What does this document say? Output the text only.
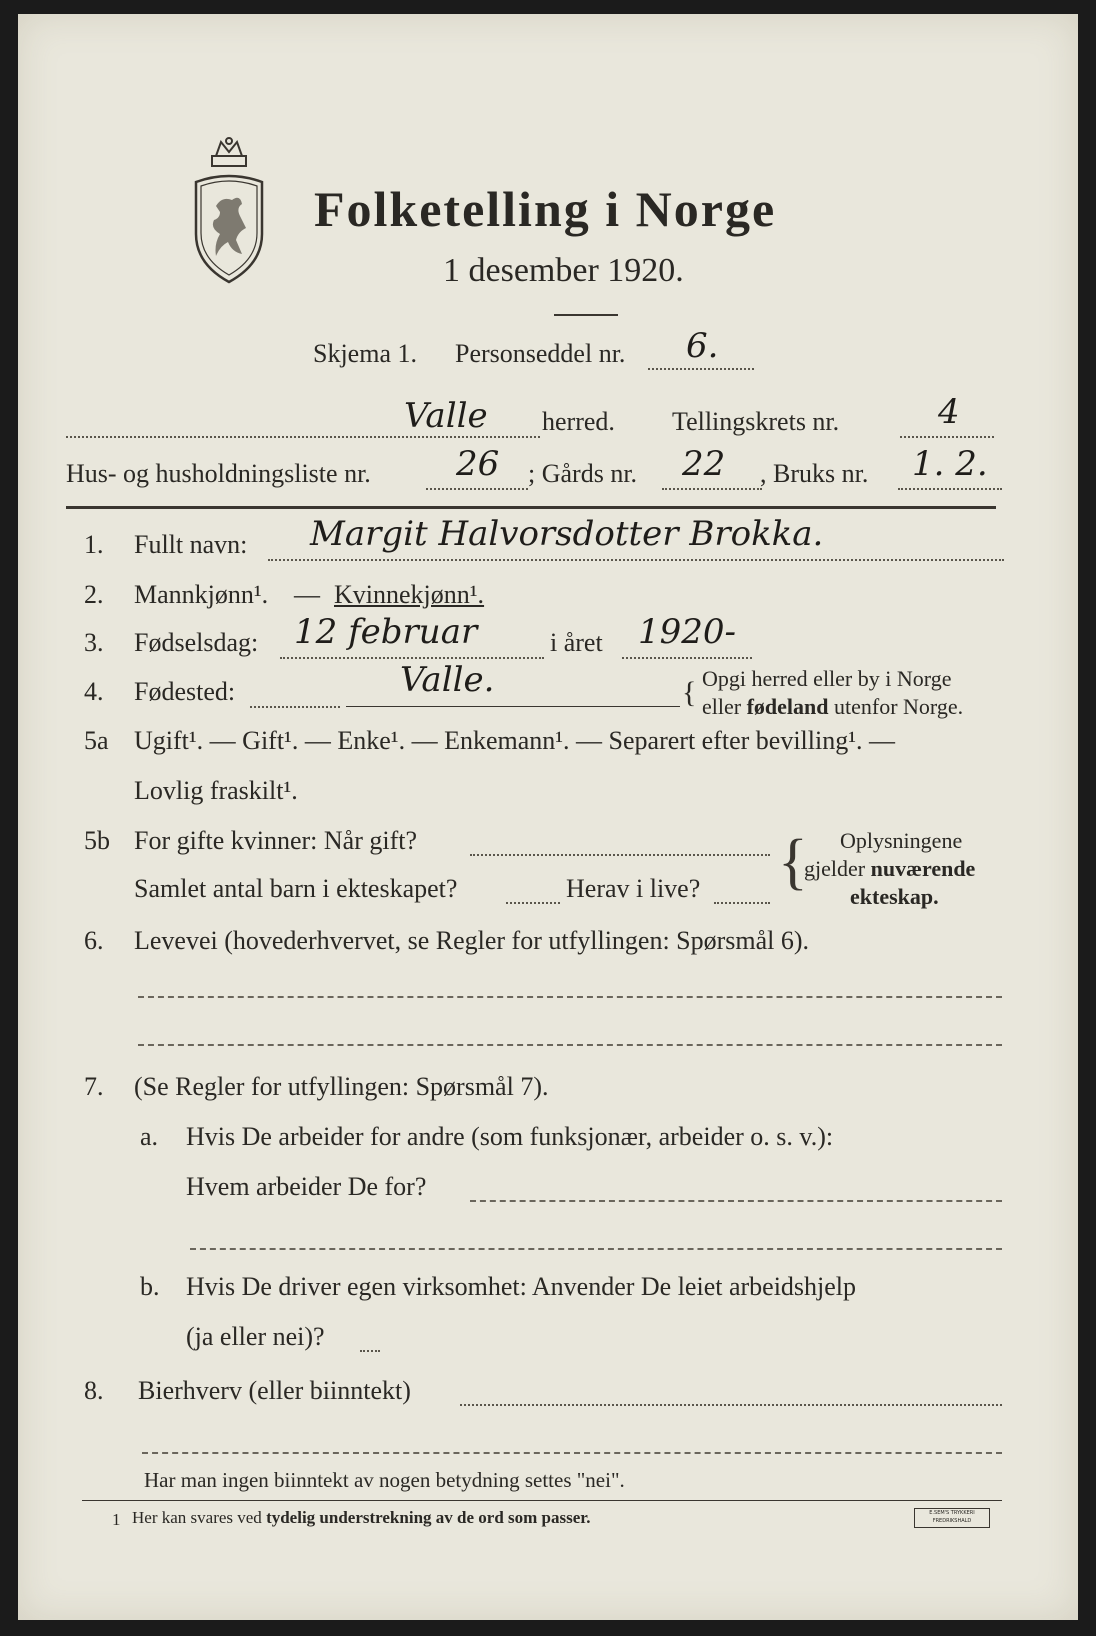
Folketelling i Norge
1 desember 1920.
Skjema 1. Personseddel nr. 6.
Valle herred. Tellingskrets nr.	4
Hus- og husholdningsliste nr.	26 ; Gårds nr. 22 , Bruks nr. 1. 2.
1. Fullt navn: Margit Halvorsdotter Brokka.
2. Mannkjønn¹. — Kvinnekjønn¹.
3. Fødselsdag: 12 februar	i året 1920-
4. Fødested:	Valle.	{ Opgi herred eller by i Norge
eller fødeland utenfor Norge.
5a Ugift¹. — Gift¹. — Enke¹. — Enkemann¹. — Separert efter bevilling¹. —
Lovlig fraskilt¹.
5b For gifte kvinner: Når gift?
Samlet antal barn i ekteskapet?	Herav i live? { Oplysningene
gjelder nuværende
ekteskap.
6. Levevei (hovederhvervet, se Regler for utfyllingen: Spørsmål 6).
7. (Se Regler for utfyllingen: Spørsmål 7).
a. Hvis De arbeider for andre (som funksjonær, arbeider o. s. v.):
Hvem arbeider De for?
b. Hvis De driver egen virksomhet: Anvender De leiet arbeidshjelp
(ja eller nei)?
8. Bierhverv (eller biinntekt)
Har man ingen biinntekt av nogen betydning settes "nei".
1 Her kan svares ved tydelig understrekning av de ord som passer.	E.SEM'S TRYKKERI FREDRIKSHALD
